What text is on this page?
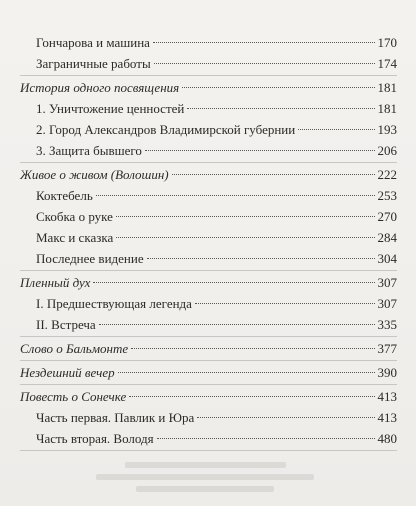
Гончарова и машина	170
Заграничные работы	174
История одного посвящения	181
1. Уничтожение ценностей	181
2. Город Александров Владимирской губернии	193
3. Защита бывшего	206
Живое о живом (Волошин)	222
Коктебель	253
Скобка о руке	270
Макс и сказка	284
Последнее видение	304
Пленный дух	307
I. Предшествующая легенда	307
II. Встреча	335
Слово о Бальмонте	377
Нездешний вечер	390
Повесть о Сонечке	413
Часть первая. Павлик и Юра	413
Часть вторая. Володя	480
